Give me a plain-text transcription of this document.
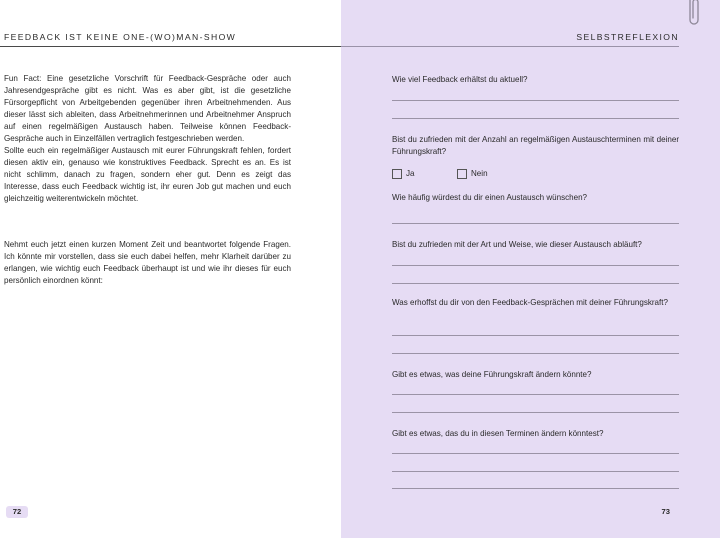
FEEDBACK IST KEINE ONE-(WO)MAN-SHOW	SELBSTREFLEXION

Fun Fact: Eine gesetzliche Vorschrift für Feedback-Gespräche oder auch Jahresendgespräche gibt es nicht. Was es aber gibt, ist die gesetzliche Fürsorgepflicht von Arbeitgebenden gegenüber ihren Arbeitnehmenden. Aus dieser lässt sich ableiten, dass Arbeitnehmerinnen und Arbeitnehmer Anspruch auf einen regelmäßigen Austausch haben. Teilweise können Feedback-Gespräche auch in Einzelfällen vertraglich festgeschrieben werden.

Sollte euch ein regelmäßiger Austausch mit eurer Führungskraft fehlen, fordert diesen aktiv ein, genauso wie konstruktives Feedback. Sprecht es an. Es ist nicht schlimm, danach zu fragen, sondern eher gut. Denn es zeigt das Interesse, dass euch Feedback wichtig ist, ihr euren Job gut machen und euch gleichzeitig weiterentwickeln möchtet.

Nehmt euch jetzt einen kurzen Moment Zeit und beantwortet folgende Fragen. Ich könnte mir vorstellen, dass sie euch dabei helfen, mehr Klarheit darüber zu erlangen, wie wichtig euch Feedback überhaupt ist und wie ihr dieses für euch persönlich einordnen könnt:

Wie viel Feedback erhältst du aktuell?
Bist du zufrieden mit der Anzahl an regelmäßigen Austauschterminen mit deiner Führungskraft?
Ja	Nein
Wie häufig würdest du dir einen Austausch wünschen?
Bist du zufrieden mit der Art und Weise, wie dieser Austausch abläuft?
Was erhoffst du dir von den Feedback-Gesprächen mit deiner Führungskraft?
Gibt es etwas, was deine Führungskraft ändern könnte?
Gibt es etwas, das du in diesen Terminen ändern könntest?
72	73
